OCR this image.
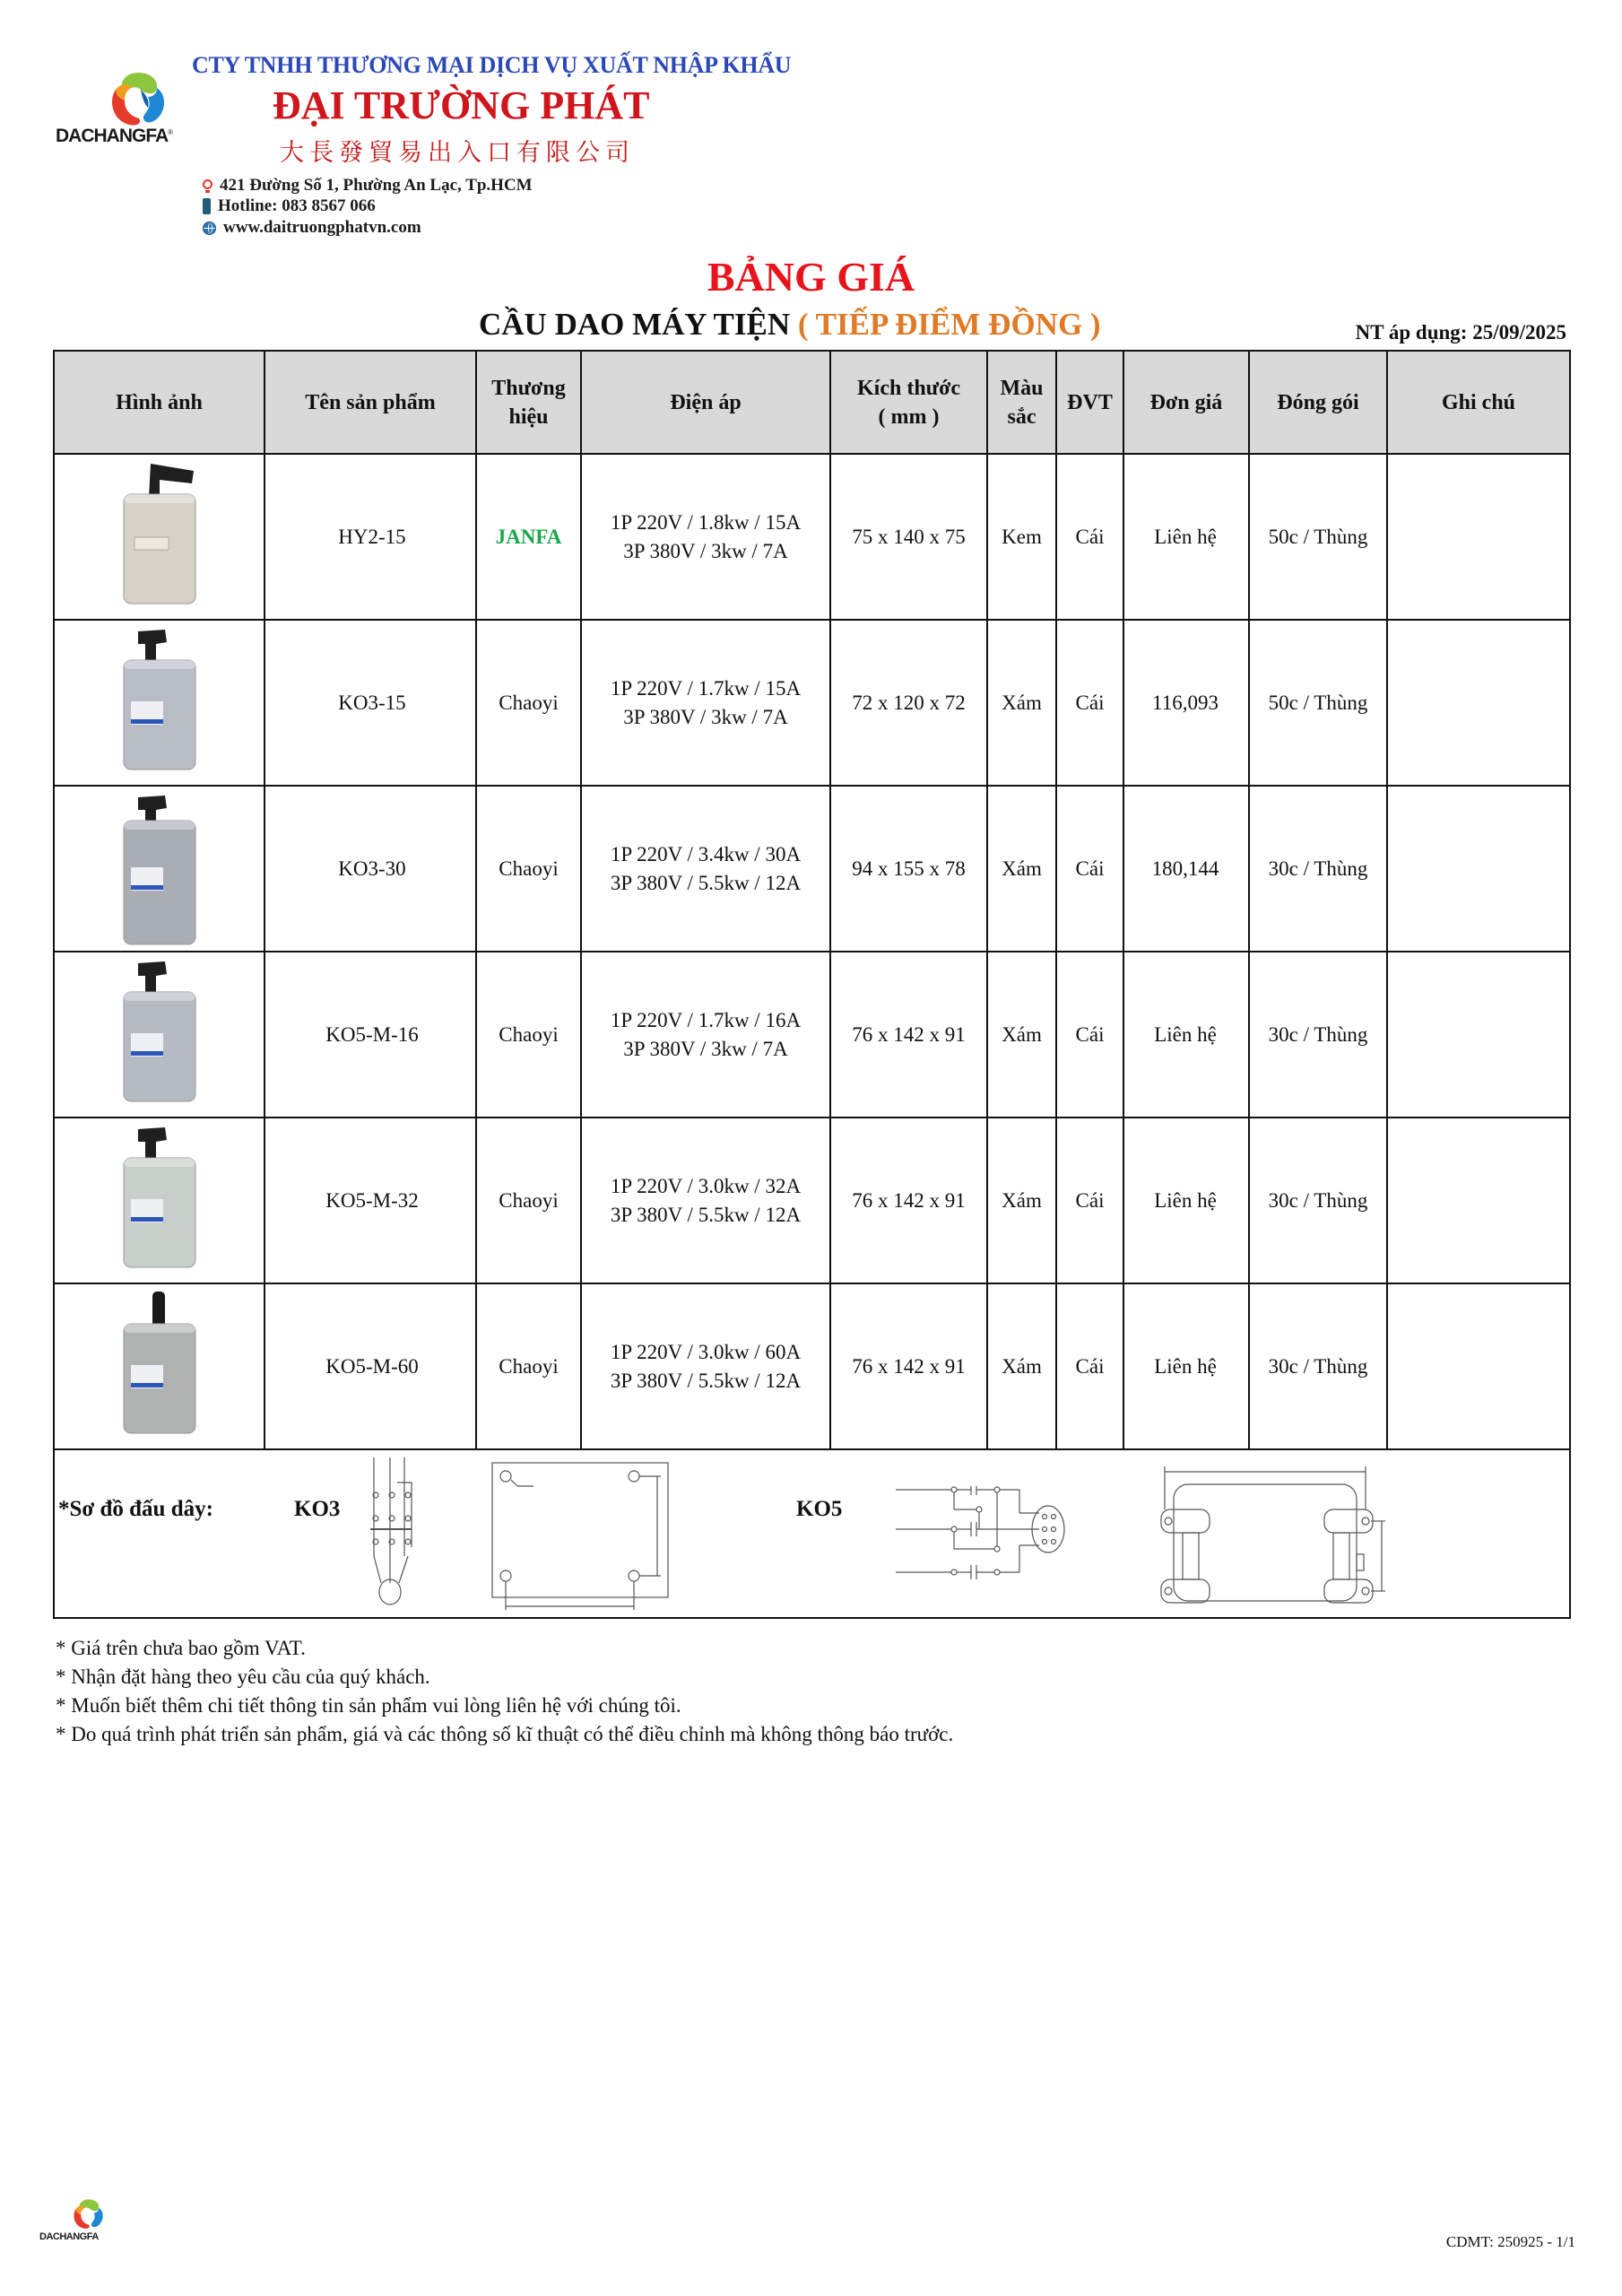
DACHANGFA®
CTY TNHH THƯƠNG MẠI DỊCH VỤ XUẤT NHẬP KHẨU
ĐẠI TRƯỜNG PHÁT
大長發貿易出入口有限公司
421 Đường Số 1, Phường An Lạc, Tp.HCM
Hotline: 083 8567 066
www.daitruongphatvn.com
BẢNG GIÁ
CẦU DAO MÁY TIỆN ( TIẾP ĐIỂM ĐỒNG )	NT áp dụng: 25/09/2025
Hình ảnh	Tên sản phẩm	Thương
hiệu	Điện áp	Kích thước
( mm )	Màu
sắc	ĐVT	Đơn giá	Đóng gói	Ghi chú

	HY2-15	JANFA	1P 220V / 1.8kw / 15A
3P 380V / 3kw / 7A	75 x 140 x 75	Kem	Cái	Liên hệ	50c / Thùng	

	KO3-15	Chaoyi	1P 220V / 1.7kw / 15A
3P 380V / 3kw / 7A	72 x 120 x 72	Xám	Cái	116,093	50c / Thùng	

	KO3-30	Chaoyi	1P 220V / 3.4kw / 30A
3P 380V / 5.5kw / 12A	94 x 155 x 78	Xám	Cái	180,144	30c / Thùng	

	KO5-M-16	Chaoyi	1P 220V / 1.7kw / 16A
3P 380V / 3kw / 7A	76 x 142 x 91	Xám	Cái	Liên hệ	30c / Thùng	

	KO5-M-32	Chaoyi	1P 220V / 3.0kw / 32A
3P 380V / 5.5kw / 12A	76 x 142 x 91	Xám	Cái	Liên hệ	30c / Thùng	

	KO5-M-60	Chaoyi	1P 220V / 3.0kw / 60A
3P 380V / 5.5kw / 12A	76 x 142 x 91	Xám	Cái	Liên hệ	30c / Thùng	

*Sơ đồ đấu dây: KO3 KO5									
* Giá trên chưa bao gồm VAT.
* Nhận đặt hàng theo yêu cầu của quý khách.
* Muốn biết thêm chi tiết thông tin sản phẩm vui lòng liên hệ với chúng tôi.
* Do quá trình phát triển sản phẩm, giá và các thông số kĩ thuật có thể điều chỉnh mà không thông báo trước.
DACHANGFA	CDMT: 250925 - 1/1
